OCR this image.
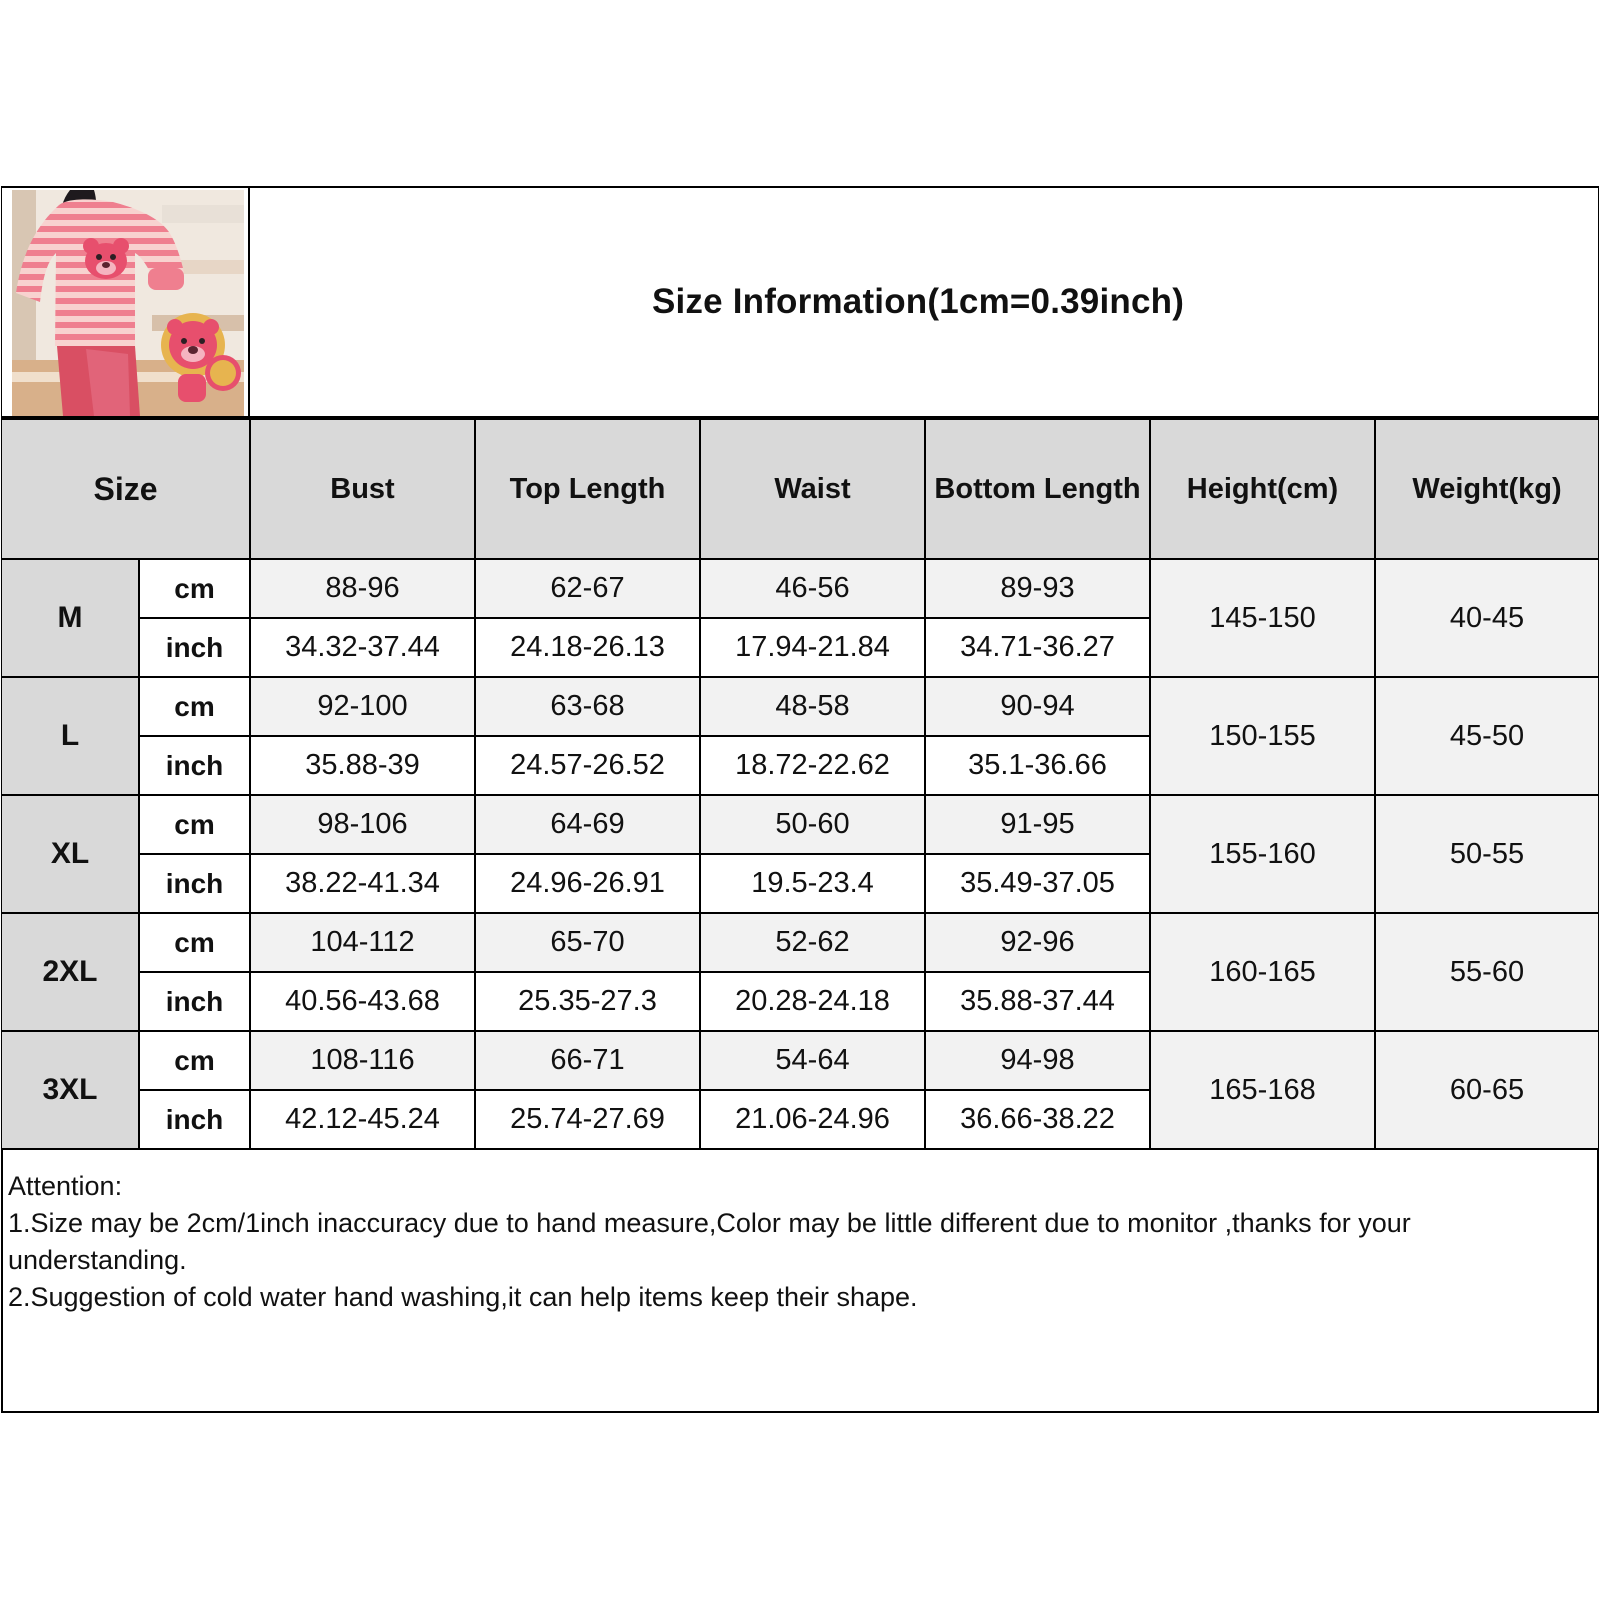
Size Information(1cm=0.39inch)
Size		Bust	Top Length	Waist	Bottom Length	Height(cm)	Weight(kg)
M	cm	88-96	62-67	46-56	89-93	145-150	40-45
	inch	34.32-37.44	24.18-26.13	17.94-21.84	34.71-36.27		
L	cm	92-100	63-68	48-58	90-94	150-155	45-50
	inch	35.88-39	24.57-26.52	18.72-22.62	35.1-36.66		
XL	cm	98-106	64-69	50-60	91-95	155-160	50-55
	inch	38.22-41.34	24.96-26.91	19.5-23.4	35.49-37.05		
2XL	cm	104-112	65-70	52-62	92-96	160-165	55-60
	inch	40.56-43.68	25.35-27.3	20.28-24.18	35.88-37.44		
3XL	cm	108-116	66-71	54-64	94-98	165-168	60-65
	inch	42.12-45.24	25.74-27.69	21.06-24.96	36.66-38.22		
Attention:
1.Size may be 2cm/1inch inaccuracy due to hand measure,Color may be little different due to monitor ,thanks for your understanding.
2.Suggestion of cold water hand washing,it can help items keep their shape.
